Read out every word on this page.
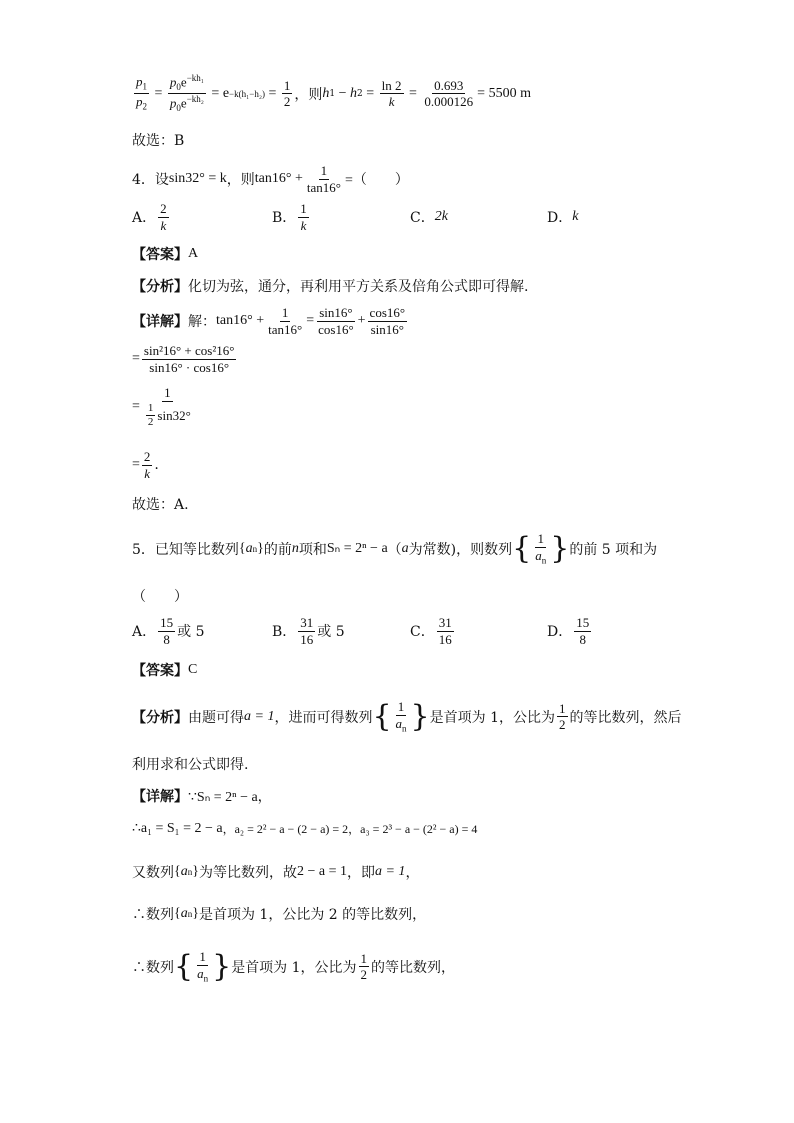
$\frac{p_1}{p_2} = \frac{p_0e^{-kh_1}}{p_0e^{-kh_2}} = e -k(h_1-h_2) = \frac{1}{2}$ ，则 h 1 − h $2 = \frac{\ln 2}{k} = \frac{0.693}{0.000126} = 5500$ m
故选：B
4．设 sin32° = k ，则 $\tan 16^\circ + \frac{1}{\tan 16^\circ}$ =（　　）
A． $\frac{2}{k}$	B． $\frac{1}{k}$	C． 2k	D． k
【答案】 A
【分析】 化切为弦，通分，再利用平方关系及倍角公式即可得解.
【详解】 解： $\tan 16^\circ + \frac{1}{\tan 16^\circ} = \frac{\sin 16^\circ}{\cos 16^\circ} + \frac{\cos 16^\circ}{\sin 16^\circ}$
= $\frac{\text{sin²16° + cos²16°}}{\sin 16^\circ \cdot \cos 16^\circ}$
= $\frac{1}{\frac{1}{2} \sin 32^\circ}$
= $\frac{2}{k}$ .
故选：A.
5．已知等比数列 { a n } 的前 n 项和 Sₙ = 2ⁿ − a （ a 为常数)，则数列 { $\frac{1}{a_n}$ } 的前 5 项和为
（　　）
A． $\frac{15}{8}$ 或 5	B． $\frac{31}{16}$ 或 5	C． $\frac{31}{16}$	D． $\frac{15}{8}$
【答案】 C
【分析】 由题可得 a = 1 ，进而可得数列 { $\frac{1}{a_n}$ } 是首项为 1，公比为 $\frac{1}{2}$ 的等比数列，然后
利用求和公式即得.
【详解】 ∵Sₙ = 2ⁿ − a，
∴a₁ = S₁ = 2 − a ，a₂ = 2² − a − (2 − a) = 2 ，a₃ = 2³ − a − (2² − a) = 4
又数列 { a n } 为等比数列，故 2 − a = 1 ，即 a = 1 ，
∴数列 { a n } 是首项为 1，公比为 2 的等比数列，
∴数列 { $\frac{1}{a_n}$ } 是首项为 1，公比为 $\frac{1}{2}$ 的等比数列，
